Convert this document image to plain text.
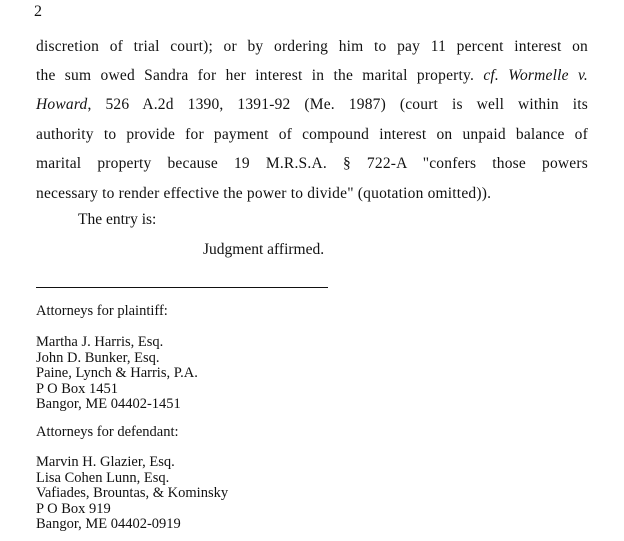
2
discretion of trial court); or by ordering him to pay 11 percent interest on
the sum owed Sandra for her interest in the marital property. cf. Wormelle v.
Howard, 526 A.2d 1390, 1391-92 (Me. 1987) (court is well within its
authority to provide for payment of compound interest on unpaid balance of
marital property because 19 M.R.S.A. § 722-A "confers those powers
necessary to render effective the power to divide" (quotation omitted)).
The entry is:
Judgment affirmed.
Attorneys for plaintiff:
Martha J. Harris, Esq.
John D. Bunker, Esq.
Paine, Lynch & Harris, P.A.
P O Box 1451
Bangor, ME 04402-1451
Attorneys for defendant:
Marvin H. Glazier, Esq.
Lisa Cohen Lunn, Esq.
Vafiades, Brountas, & Kominsky
P O Box 919
Bangor, ME 04402-0919
